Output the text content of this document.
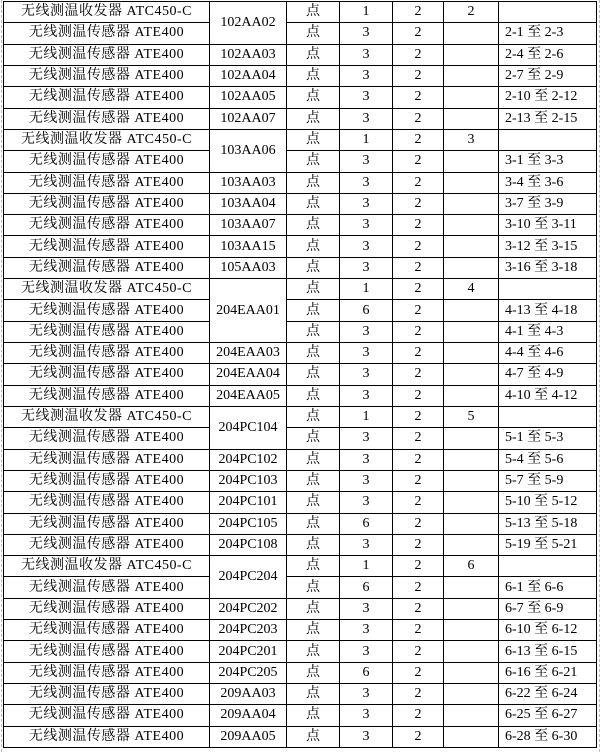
无线测温收发器 ATC450-C	102AA02	点	1	2	2	
无线测温传感器 ATE400		点	3	2		2-1 至 2-3
无线测温传感器 ATE400	102AA03	点	3	2		2-4 至 2-6
无线测温传感器 ATE400	102AA04	点	3	2		2-7 至 2-9
无线测温传感器 ATE400	102AA05	点	3	2		2-10 至 2-12
无线测温传感器 ATE400	102AA07	点	3	2		2-13 至 2-15
无线测温收发器 ATC450-C	103AA06	点	1	2	3	
无线测温传感器 ATE400		点	3	2		3-1 至 3-3
无线测温传感器 ATE400	103AA03	点	3	2		3-4 至 3-6
无线测温传感器 ATE400	103AA04	点	3	2		3-7 至 3-9
无线测温传感器 ATE400	103AA07	点	3	2		3-10 至 3-11
无线测温传感器 ATE400	103AA15	点	3	2		3-12 至 3-15
无线测温传感器 ATE400	105AA03	点	3	2		3-16 至 3-18
无线测温收发器 ATC450-C	204EAA01	点	1	2	4	
无线测温传感器 ATE400		点	6	2		4-13 至 4-18
无线测温传感器 ATE400		点	3	2		4-1 至 4-3
无线测温传感器 ATE400	204EAA03	点	3	2		4-4 至 4-6
无线测温传感器 ATE400	204EAA04	点	3	2		4-7 至 4-9
无线测温传感器 ATE400	204EAA05	点	3	2		4-10 至 4-12
无线测温收发器 ATC450-C	204PC104	点	1	2	5	
无线测温传感器 ATE400		点	3	2		5-1 至 5-3
无线测温传感器 ATE400	204PC102	点	3	2		5-4 至 5-6
无线测温传感器 ATE400	204PC103	点	3	2		5-7 至 5-9
无线测温传感器 ATE400	204PC101	点	3	2		5-10 至 5-12
无线测温传感器 ATE400	204PC105	点	6	2		5-13 至 5-18
无线测温传感器 ATE400	204PC108	点	3	2		5-19 至 5-21
无线测温收发器 ATC450-C	204PC204	点	1	2	6	
无线测温传感器 ATE400		点	6	2		6-1 至 6-6
无线测温传感器 ATE400	204PC202	点	3	2		6-7 至 6-9
无线测温传感器 ATE400	204PC203	点	3	2		6-10 至 6-12
无线测温传感器 ATE400	204PC201	点	3	2		6-13 至 6-15
无线测温传感器 ATE400	204PC205	点	6	2		6-16 至 6-21
无线测温传感器 ATE400	209AA03	点	3	2		6-22 至 6-24
无线测温传感器 ATE400	209AA04	点	3	2		6-25 至 6-27
无线测温传感器 ATE400	209AA05	点	3	2		6-28 至 6-30
